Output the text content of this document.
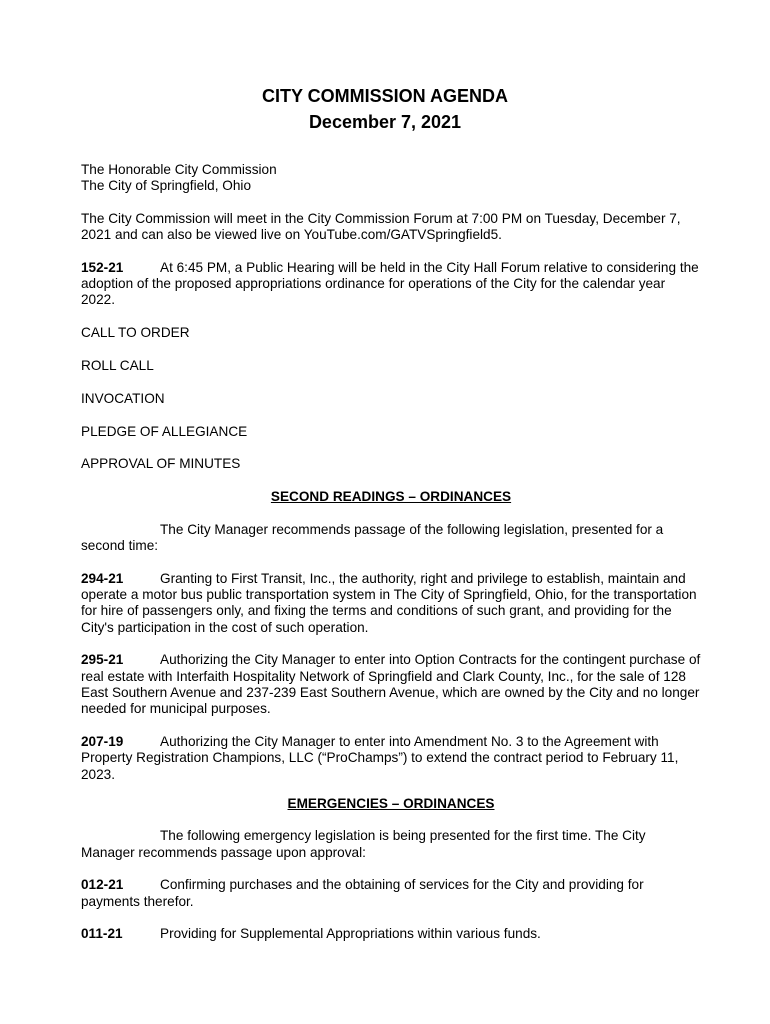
CITY COMMISSION AGENDA
December 7, 2021

The Honorable City Commission

The City of Springfield, Ohio

The City Commission will meet in the City Commission Forum at 7:00 PM on Tuesday, December 7, 2021 and can also be viewed live on YouTube.com/GATVSpringfield5.

152-21	At 6:45 PM, a Public Hearing will be held in the City Hall Forum relative to considering the adoption of the proposed appropriations ordinance for operations of the City for the calendar year 2022.

CALL TO ORDER

ROLL CALL

INVOCATION

PLEDGE OF ALLEGIANCE

APPROVAL OF MINUTES

SECOND READINGS – ORDINANCES

The City Manager recommends passage of the following legislation, presented for a second time:

294-21	Granting to First Transit, Inc., the authority, right and privilege to establish, maintain and operate a motor bus public transportation system in The City of Springfield, Ohio, for the transportation for hire of passengers only, and fixing the terms and conditions of such grant, and providing for the City's participation in the cost of such operation.

295-21	Authorizing the City Manager to enter into Option Contracts for the contingent purchase of real estate with Interfaith Hospitality Network of Springfield and Clark County, Inc., for the sale of 128 East Southern Avenue and 237-239 East Southern Avenue, which are owned by the City and no longer needed for municipal purposes.

207-19	Authorizing the City Manager to enter into Amendment No. 3 to the Agreement with Property Registration Champions, LLC (“ProChamps”) to extend the contract period to February 11, 2023.

EMERGENCIES – ORDINANCES

The following emergency legislation is being presented for the first time. The City Manager recommends passage upon approval:

012-21	Confirming purchases and the obtaining of services for the City and providing for payments therefor.

011-21	Providing for Supplemental Appropriations within various funds.
